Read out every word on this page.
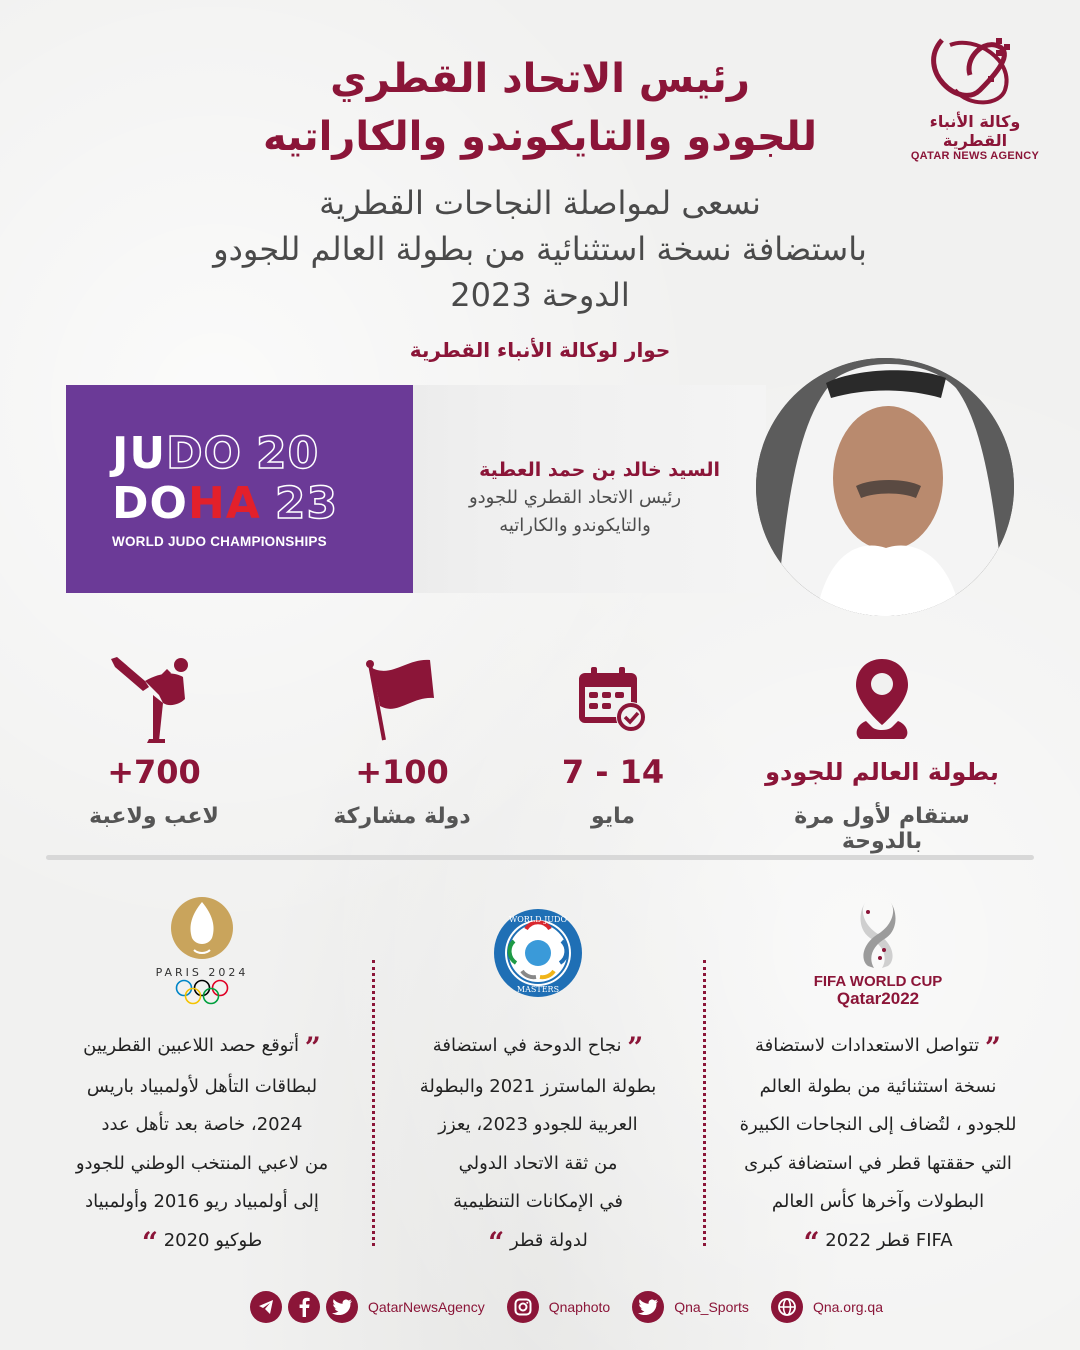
وكالة الأنباء القطرية
QATAR NEWS AGENCY
رئيس الاتحاد القطري
للجودو والتايكوندو والكاراتيه
نسعى لمواصلة النجاحات القطرية
باستضافة نسخة استثنائية من بطولة العالم للجودو
الدوحة 2023
حوار لوكالة الأنباء القطرية
JU DO 20
DO HA 23
WORLD JUDO CHAMPIONSHIPS
السيد خالد بن حمد العطية
رئيس الاتحاد القطري للجودو
والتايكوندو والكاراتيه
بطولة العالم للجودو
ستقام لأول مرة بالدوحة
14 - 7
مايو
100+
دولة مشاركة
700+
لاعب ولاعبة
FIFA WORLD CUP
Qatar2022
” تتواصل الاستعدادات لاستضافة
نسخة استثنائية من بطولة العالم
للجودو ، لتُضاف إلى النجاحات الكبيرة
التي حققتها قطر في استضافة كبرى
البطولات وآخرها كأس العالم
FIFA قطر 2022 “
WORLD JUDO
MASTERS
” نجاح الدوحة في استضافة
بطولة الماسترز 2021 والبطولة
العربية للجودو 2023، يعزز
من ثقة الاتحاد الدولي
في الإمكانات التنظيمية
لدولة قطر “
PARIS 2024
” أتوقع حصد اللاعبين القطريين
لبطاقات التأهل لأولمبياد باريس
2024، خاصة بعد تأهل عدد
من لاعبي المنتخب الوطني للجودو
إلى أولمبياد ريو 2016 وأولمبياد
طوكيو 2020 “
QatarNewsAgency	Qnaphoto	Qna_Sports	Qna.org.qa
